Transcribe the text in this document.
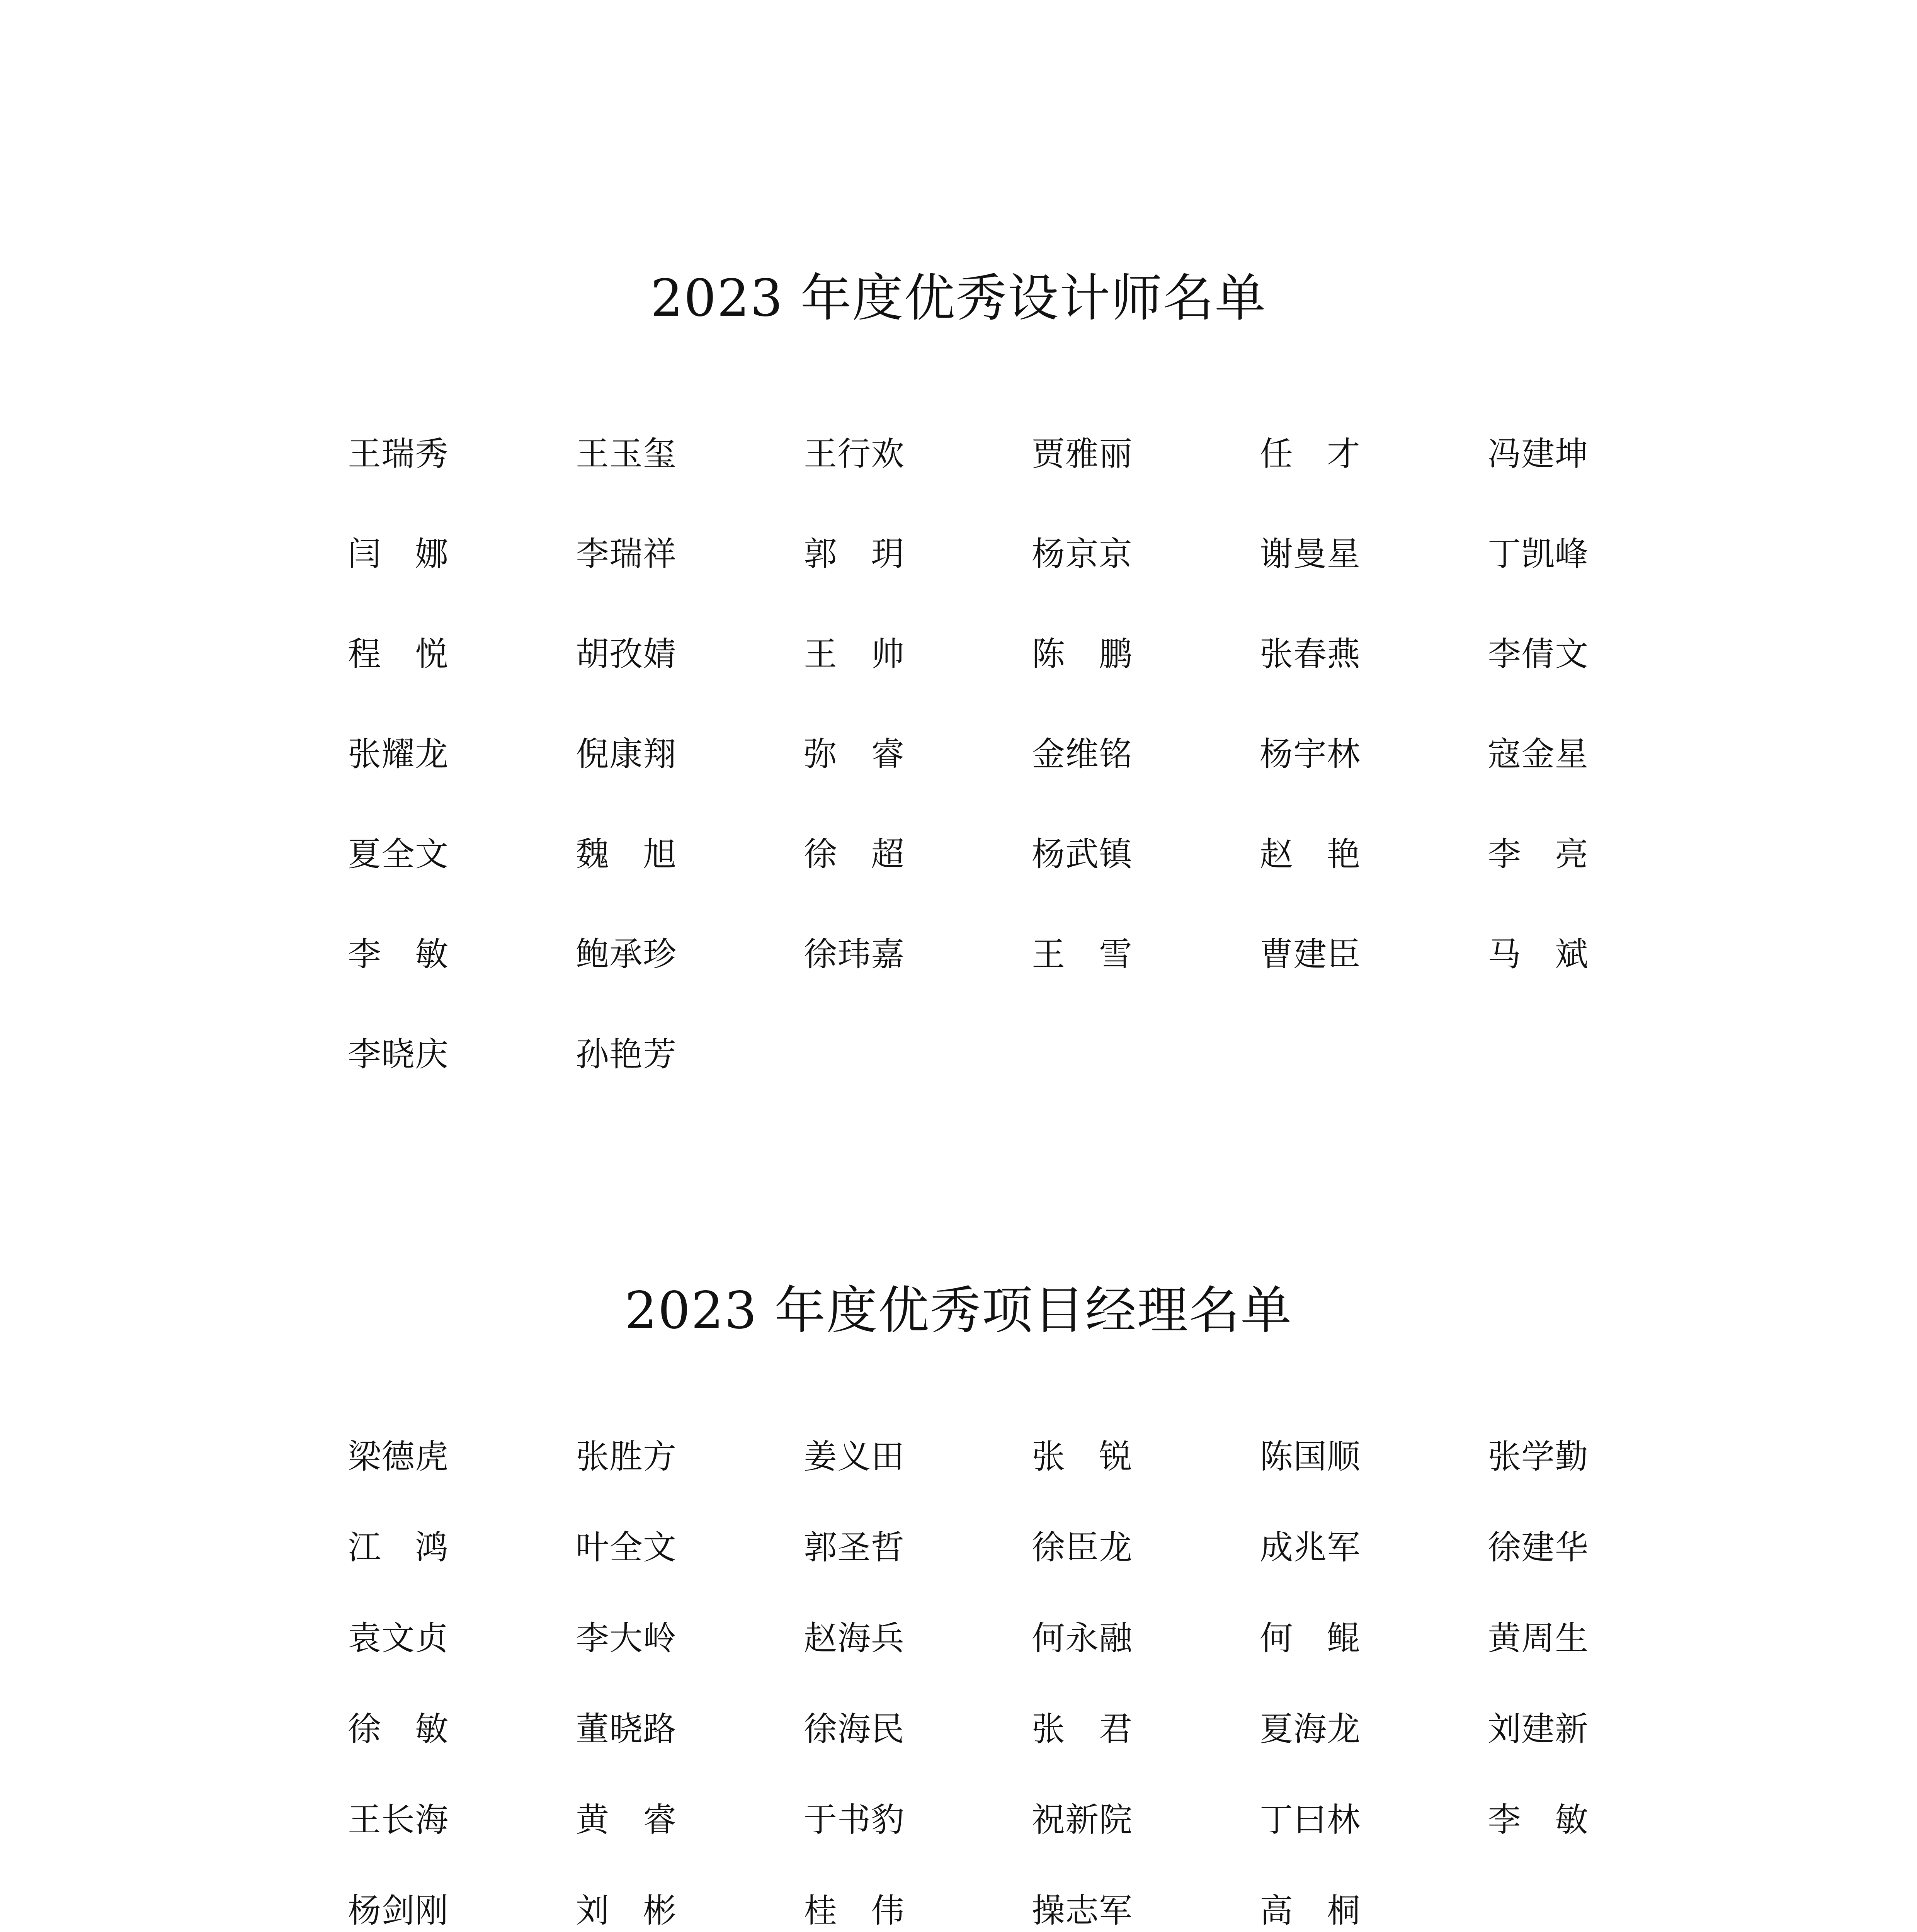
2023 年度优秀设计师名单
王瑞秀	王玉玺	王行欢	贾雅丽	任　才	冯建坤
闫　娜	李瑞祥	郭　玥	杨京京	谢曼星	丁凯峰
程　悦	胡孜婧	王　帅	陈　鹏	张春燕	李倩文
张耀龙	倪康翔	弥　睿	金维铭	杨宇林	寇金星
夏全文	魏　旭	徐　超	杨武镇	赵　艳	李　亮
李　敏	鲍承珍	徐玮嘉	王　雪	曹建臣	马　斌
李晓庆	孙艳芳
2023 年度优秀项目经理名单
梁德虎	张胜方	姜义田	张　锐	陈国顺	张学勤
江　鸿	叶全文	郭圣哲	徐臣龙	成兆军	徐建华
袁文贞	李大岭	赵海兵	何永融	何　鲲	黄周生
徐　敏	董晓路	徐海民	张　君	夏海龙	刘建新
王长海	黄　睿	于书豹	祝新院	丁曰林	李　敏
杨剑刚	刘　彬	桂　伟	操志军	高　桐
